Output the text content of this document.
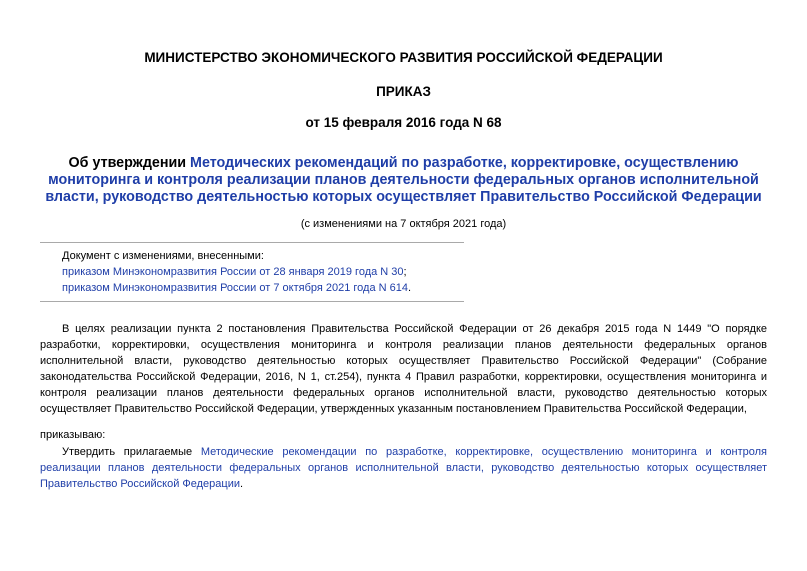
МИНИСТЕРСТВО ЭКОНОМИЧЕСКОГО РАЗВИТИЯ РОССИЙСКОЙ ФЕДЕРАЦИИ
ПРИКАЗ
от 15 февраля 2016 года N 68
Об утверждении Методических рекомендаций по разработке, корректировке, осуществлению мониторинга и контроля реализации планов деятельности федеральных органов исполнительной власти, руководство деятельностью которых осуществляет Правительство Российской Федерации
(с изменениями на 7 октября 2021 года)
Документ с изменениями, внесенными:
приказом Минэкономразвития России от 28 января 2019 года N 30;
приказом Минэкономразвития России от 7 октября 2021 года N 614.
В целях реализации пункта 2 постановления Правительства Российской Федерации от 26 декабря 2015 года N 1449 "О порядке разработки, корректировки, осуществления мониторинга и контроля реализации планов деятельности федеральных органов исполнительной власти, руководство деятельностью которых осуществляет Правительство Российской Федерации" (Собрание законодательства Российской Федерации, 2016, N 1, ст.254), пункта 4 Правил разработки, корректировки, осуществления мониторинга и контроля реализации планов деятельности федеральных органов исполнительной власти, руководство деятельностью которых осуществляет Правительство Российской Федерации, утвержденных указанным постановлением Правительства Российской Федерации,
приказываю:
Утвердить прилагаемые Методические рекомендации по разработке, корректировке, осуществлению мониторинга и контроля реализации планов деятельности федеральных органов исполнительной власти, руководство деятельностью которых осуществляет Правительство Российской Федерации.
